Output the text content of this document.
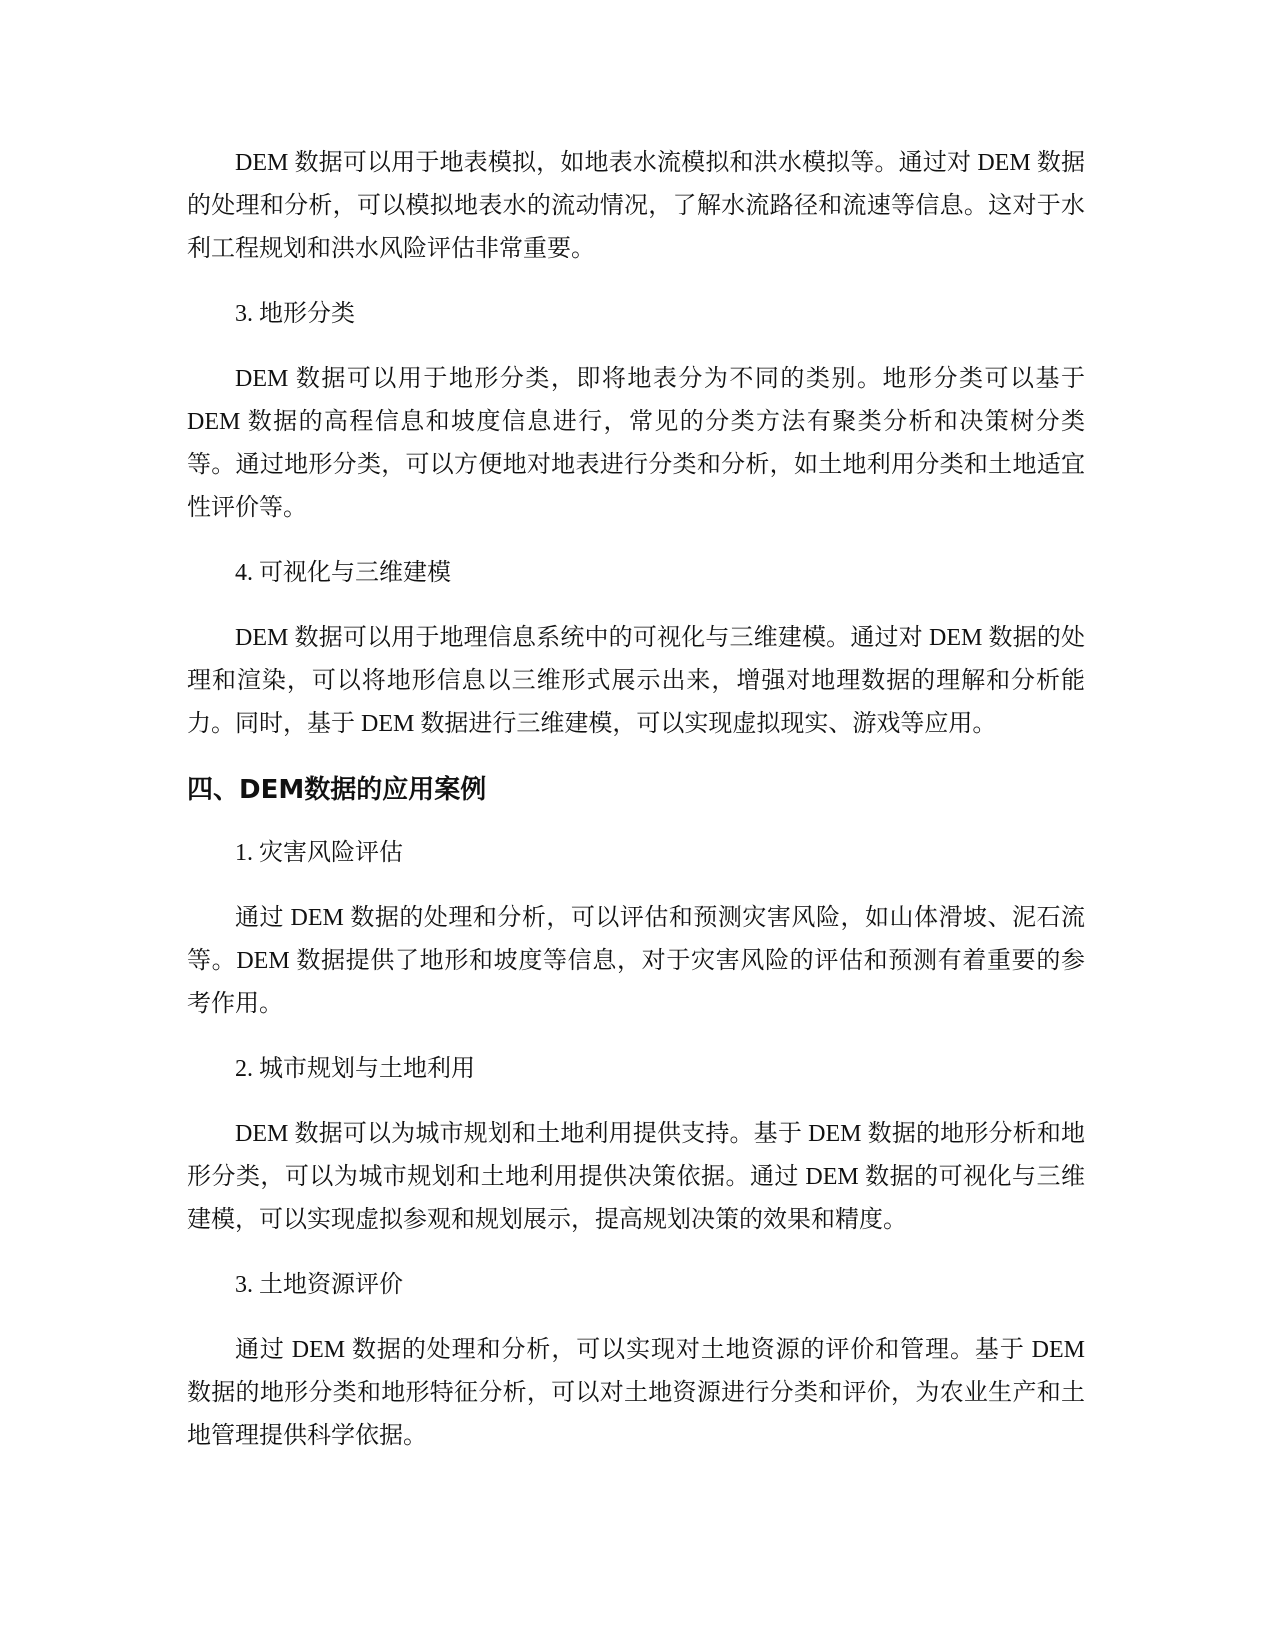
DEM 数据可以用于地表模拟，如地表水流模拟和洪水模拟等。通过对 DEM 数据的处理和分析，可以模拟地表水的流动情况，了解水流路径和流速等信息。这对于水利工程规划和洪水风险评估非常重要。

3. 地形分类

DEM 数据可以用于地形分类，即将地表分为不同的类别。地形分类可以基于 DEM 数据的高程信息和坡度信息进行，常见的分类方法有聚类分析和决策树分类等。通过地形分类，可以方便地对地表进行分类和分析，如土地利用分类和土地适宜性评价等。

4. 可视化与三维建模

DEM 数据可以用于地理信息系统中的可视化与三维建模。通过对 DEM 数据的处理和渲染，可以将地形信息以三维形式展示出来，增强对地理数据的理解和分析能力。同时，基于 DEM 数据进行三维建模，可以实现虚拟现实、游戏等应用。

四、DEM数据的应用案例

1. 灾害风险评估

通过 DEM 数据的处理和分析，可以评估和预测灾害风险，如山体滑坡、泥石流等。DEM 数据提供了地形和坡度等信息，对于灾害风险的评估和预测有着重要的参考作用。

2. 城市规划与土地利用

DEM 数据可以为城市规划和土地利用提供支持。基于 DEM 数据的地形分析和地形分类，可以为城市规划和土地利用提供决策依据。通过 DEM 数据的可视化与三维建模，可以实现虚拟参观和规划展示，提高规划决策的效果和精度。

3. 土地资源评价

通过 DEM 数据的处理和分析，可以实现对土地资源的评价和管理。基于 DEM 数据的地形分类和地形特征分析，可以对土地资源进行分类和评价，为农业生产和土地管理提供科学依据。
